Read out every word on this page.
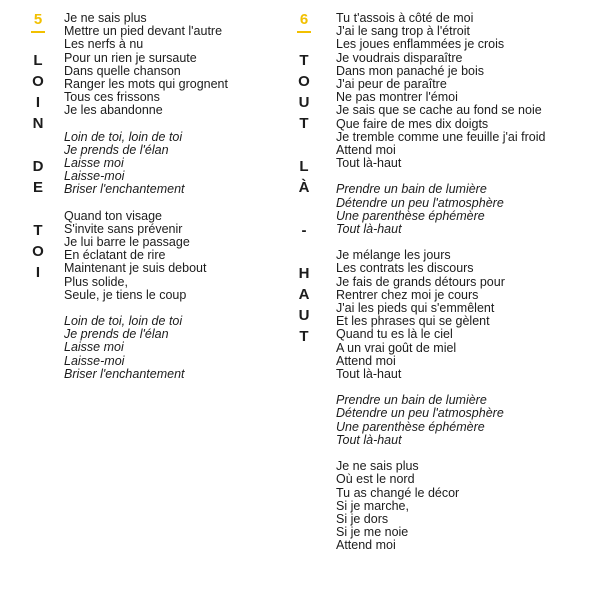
5
L
O
I
N
D
E
T
O
I
Je ne sais plus
Mettre un pied devant l'autre
Les nerfs à nu
Pour un rien je sursaute
Dans quelle chanson
Ranger les mots qui grognent
Tous ces frissons
Je les abandonne
Loin de toi, loin de toi
Je prends de l'élan
Laisse moi
Laisse-moi
Briser l'enchantement
Quand ton visage
S'invite sans prévenir
Je lui barre le passage
En éclatant de rire
Maintenant je suis debout
Plus solide,
Seule, je tiens le coup
Loin de toi, loin de toi
Je prends de l'élan
Laisse moi
Laisse-moi
Briser l'enchantement
6
T
O
U
T
L
À
-
H
A
U
T
Tu t'assois à côté de moi
J'ai le sang trop à l'étroit
Les joues enflammées je crois
Je voudrais disparaître
Dans mon panaché je bois
J'ai peur de paraître
Ne pas montrer l'émoi
Je sais que se cache au fond se noie
Que faire de mes dix doigts
Je tremble comme une feuille j'ai froid
Attend moi
Tout là-haut
Prendre un bain de lumière
Détendre un peu l'atmosphère
Une parenthèse éphémère
Tout là-haut
Je mélange les jours
Les contrats les discours
Je fais de grands détours pour
Rentrer chez moi je cours
J'ai les pieds qui s'emmêlent
Et les phrases qui se gèlent
Quand tu es là le ciel
A un vrai goût de miel
Attend moi
Tout là-haut
Prendre un bain de lumière
Détendre un peu l'atmosphère
Une parenthèse éphémère
Tout là-haut
Je ne sais plus
Où est le nord
Tu as changé le décor
Si je marche,
Si je dors
Si je me noie
Attend moi
